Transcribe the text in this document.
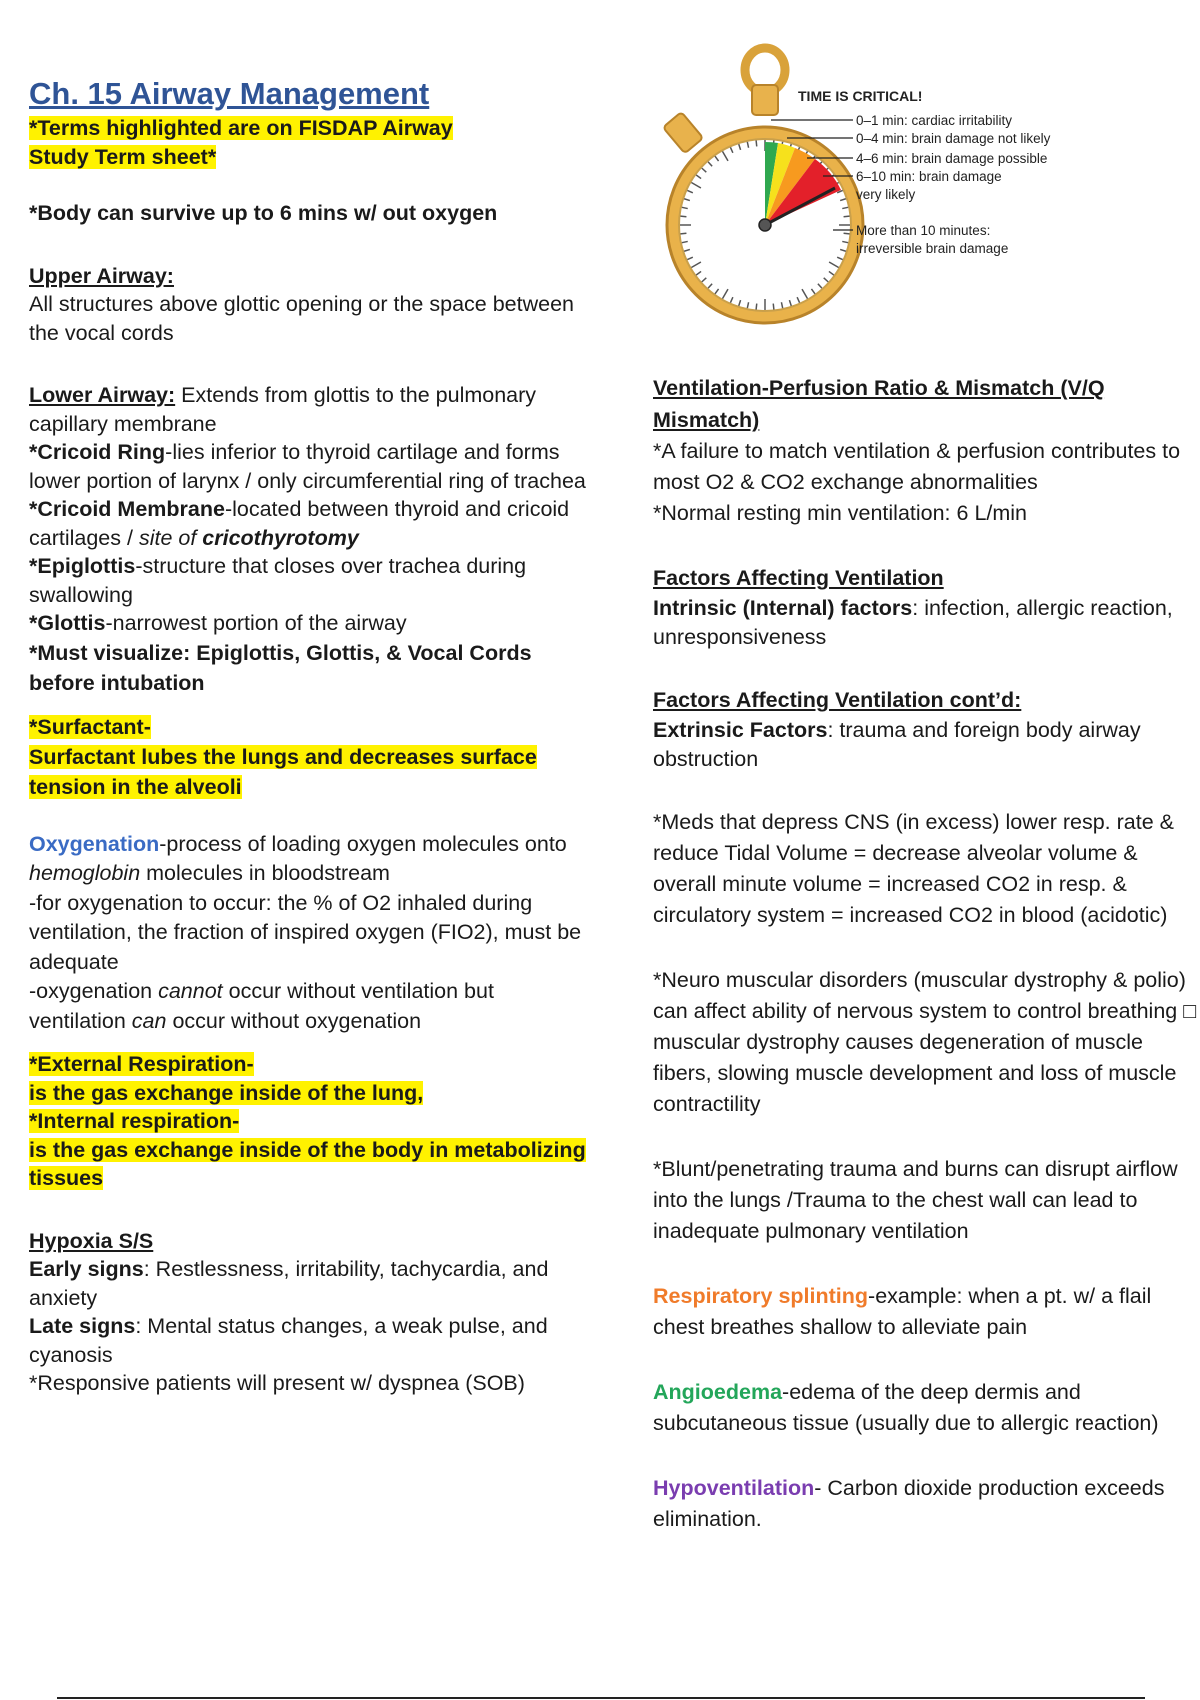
Ch. 15 Airway Management

*Terms highlighted are on FISDAP Airway
Study Term sheet*

*Body can survive up to 6 mins w/ out oxygen

Upper Airway:

All structures above glottic opening or the space between the vocal cords

Lower Airway: Extends from glottis to the pulmonary capillary membrane

*Cricoid Ring-lies inferior to thyroid cartilage and forms lower portion of larynx / only circumferential ring of trachea

*Cricoid Membrane-located between thyroid and cricoid cartilages / site of cricothyrotomy

*Epiglottis-structure that closes over trachea during swallowing

*Glottis-narrowest portion of the airway

*Must visualize: Epiglottis, Glottis, & Vocal Cords before intubation

*Surfactant-
Surfactant lubes the lungs and decreases surface
tension in the alveoli

Oxygenation-process of loading oxygen molecules onto hemoglobin molecules in bloodstream

-for oxygenation to occur: the % of O2 inhaled during ventilation, the fraction of inspired oxygen (FIO2), must be adequate

-oxygenation cannot occur without ventilation but ventilation can occur without oxygenation

*External Respiration-
is the gas exchange inside of the lung,
*Internal respiration-
is the gas exchange inside of the body in metabolizing
tissues

Hypoxia S/S

Early signs: Restlessness, irritability, tachycardia, and anxiety

Late signs: Mental status changes, a weak pulse, and cyanosis

*Responsive patients will present w/ dyspnea (SOB)

TIME IS CRITICAL!
0–1 min: cardiac irritability
0–4 min: brain damage not likely
4–6 min: brain damage possible
6–10 min: brain damage
very likely
More than 10 minutes:
irreversible brain damage

Ventilation-Perfusion Ratio & Mismatch (V/Q Mismatch)

*A failure to match ventilation & perfusion contributes to most O2 & CO2 exchange abnormalities

*Normal resting min ventilation: 6 L/min

Factors Affecting Ventilation

Intrinsic (Internal) factors: infection, allergic reaction, unresponsiveness

Factors Affecting Ventilation cont’d:

Extrinsic Factors: trauma and foreign body airway obstruction

*Meds that depress CNS (in excess) lower resp. rate & reduce Tidal Volume = decrease alveolar volume & overall minute volume = increased CO2 in resp. & circulatory system = increased CO2 in blood (acidotic)

*Neuro muscular disorders (muscular dystrophy & polio) can affect ability of nervous system to control breathing □ muscular dystrophy causes degeneration of muscle fibers, slowing muscle development and loss of muscle contractility

*Blunt/penetrating trauma and burns can disrupt airflow into the lungs /Trauma to the chest wall can lead to inadequate pulmonary ventilation

Respiratory splinting-example: when a pt. w/ a flail chest breathes shallow to alleviate pain

Angioedema-edema of the deep dermis and subcutaneous tissue (usually due to allergic reaction)

Hypoventilation- Carbon dioxide production exceeds elimination.
